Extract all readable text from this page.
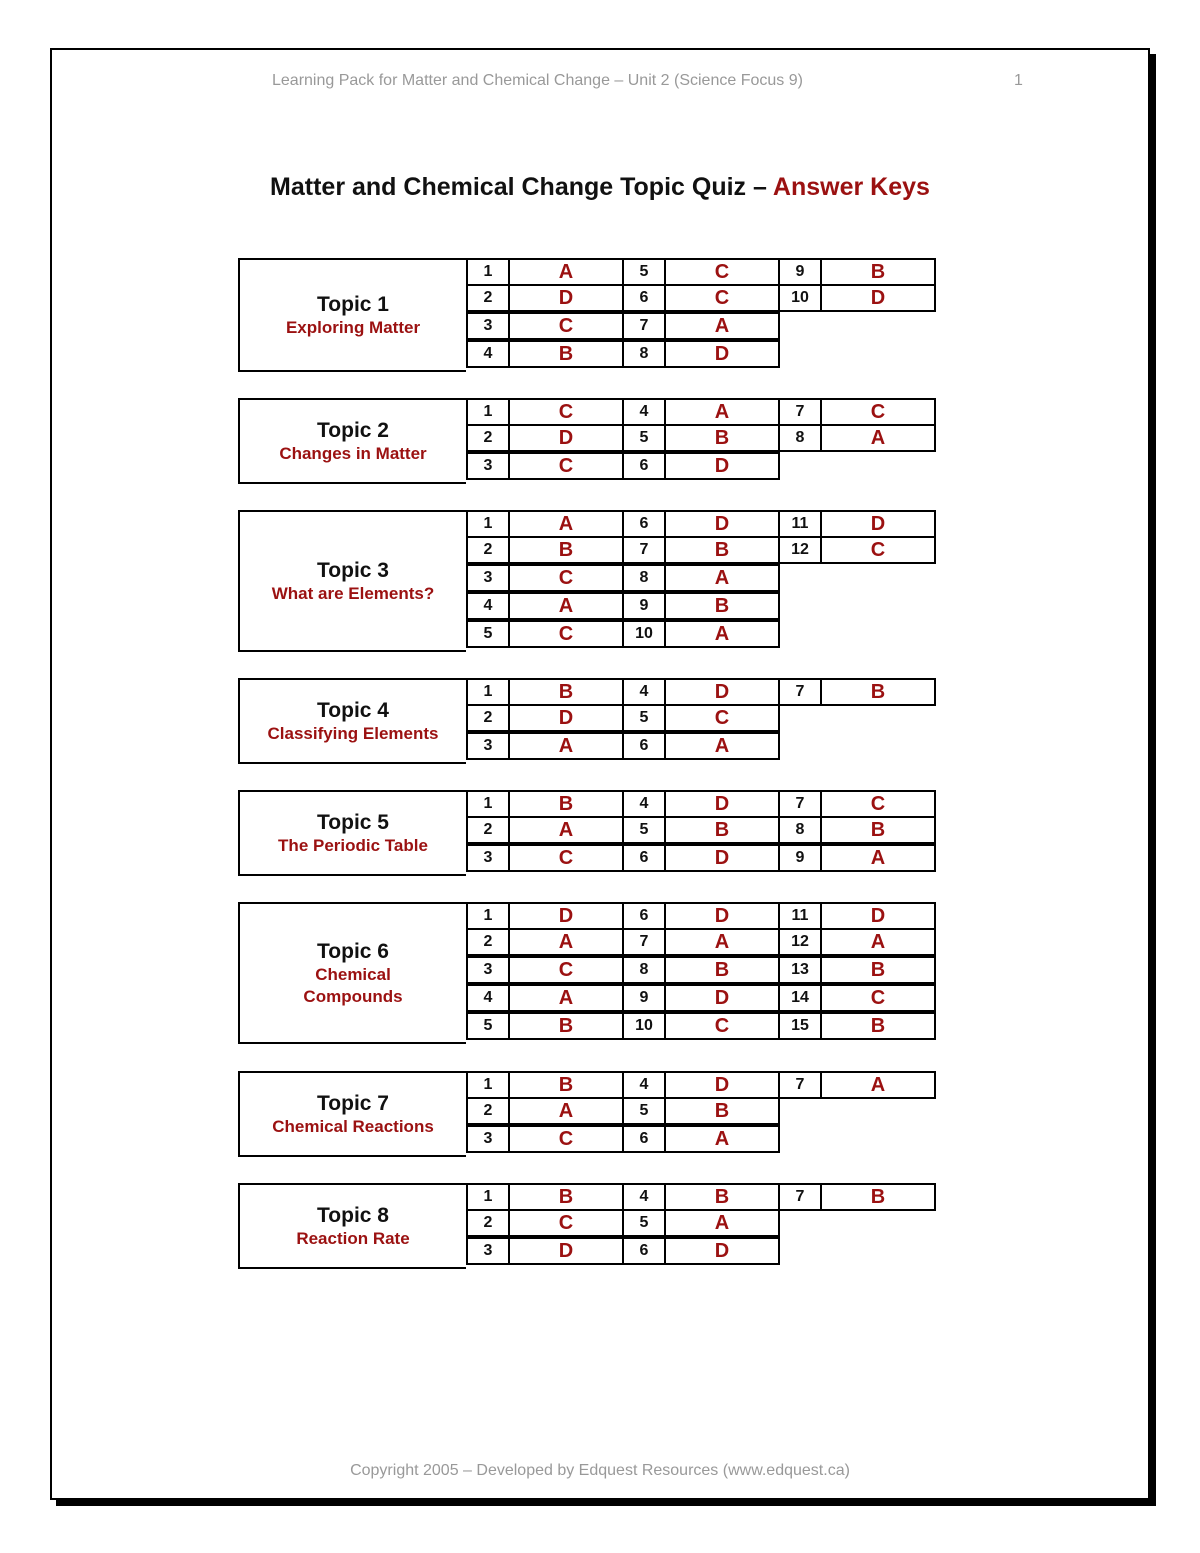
Learning Pack for Matter and Chemical Change – Unit 2 (Science Focus 9)	1
Matter and Chemical Change Topic Quiz – Answer Keys
Topic 1
Exploring Matter
1	A	5	C	9	B
2	D	6	C	10	D
3	C	7	A
4	B	8	D
Topic 2
Changes in Matter
1	C	4	A	7	C
2	D	5	B	8	A
3	C	6	D
Topic 3
What are Elements?
1	A	6	D	11	D
2	B	7	B	12	C
3	C	8	A
4	A	9	B
5	C	10	A
Topic 4
Classifying Elements
1	B	4	D	7	B
2	D	5	C
3	A	6	A
Topic 5
The Periodic Table
1	B	4	D	7	C
2	A	5	B	8	B
3	C	6	D	9	A
Topic 6
Chemical Compounds
1	D	6	D	11	D
2	A	7	A	12	A
3	C	8	B	13	B
4	A	9	D	14	C
5	B	10	C	15	B
Topic 7
Chemical Reactions
1	B	4	D	7	A
2	A	5	B
3	C	6	A
Topic 8
Reaction Rate
1	B	4	B	7	B
2	C	5	A
3	D	6	D
Copyright 2005 – Developed by Edquest Resources (www.edquest.ca)
